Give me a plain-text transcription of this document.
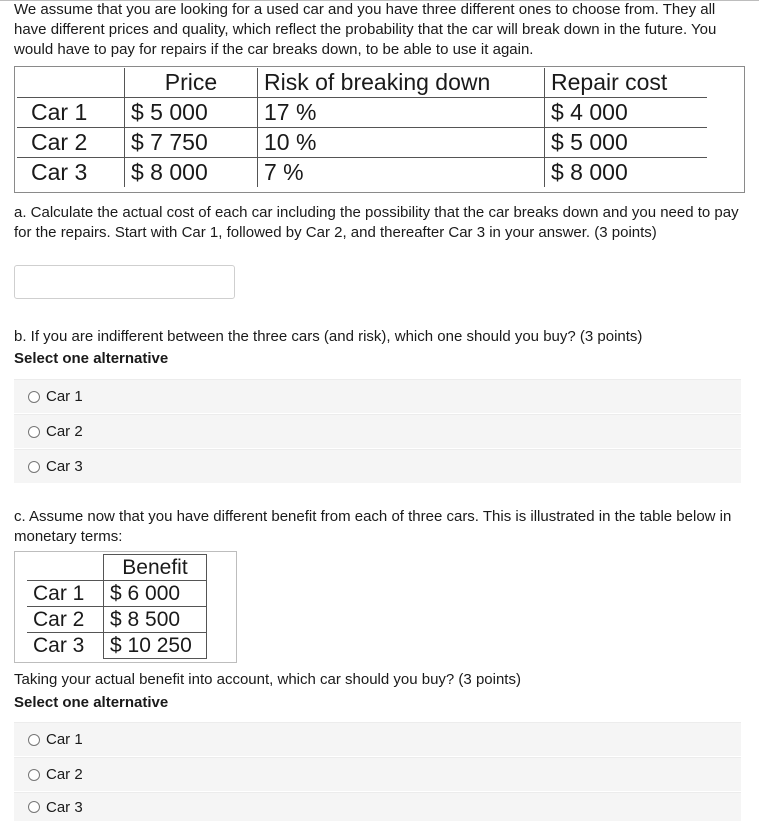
We assume that you are looking for a used car and you have three different ones to choose from. They all have different prices and quality, which reflect the probability that the car will break down in the future. You would have to pay for repairs if the car breaks down, to be able to use it again.
	Price	Risk of breaking down	Repair cost
Car 1	$ 5 000	17 %	$ 4 000
Car 2	$ 7 750	10 %	$ 5 000
Car 3	$ 8 000	7 %	$ 8 000
a. Calculate the actual cost of each car including the possibility that the car breaks down and you need to pay for the repairs. Start with Car 1, followed by Car 2, and thereafter Car 3 in your answer. (3 points)
b. If you are indifferent between the three cars (and risk), which one should you buy? (3 points)
Select one alternative
Car 1
Car 2
Car 3
c. Assume now that you have different benefit from each of three cars. This is illustrated in the table below in monetary terms:
	Benefit
Car 1	$ 6 000
Car 2	$ 8 500
Car 3	$ 10 250
Taking your actual benefit into account, which car should you buy? (3 points)
Select one alternative
Car 1
Car 2
Car 3
